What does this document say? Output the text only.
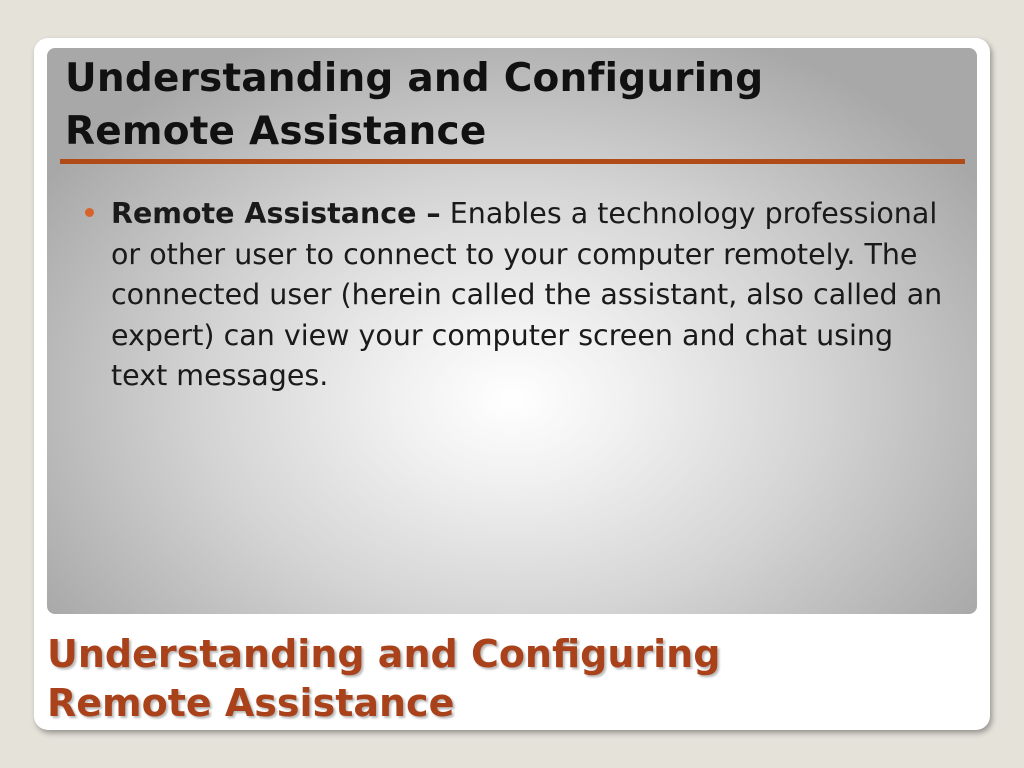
Understanding and Configuring
Remote Assistance
Remote Assistance – Enables a technology professional or other user to connect to your computer remotely. The connected user (herein called the assistant, also called an expert) can view your computer screen and chat using text messages.
Understanding and Configuring
Remote Assistance
